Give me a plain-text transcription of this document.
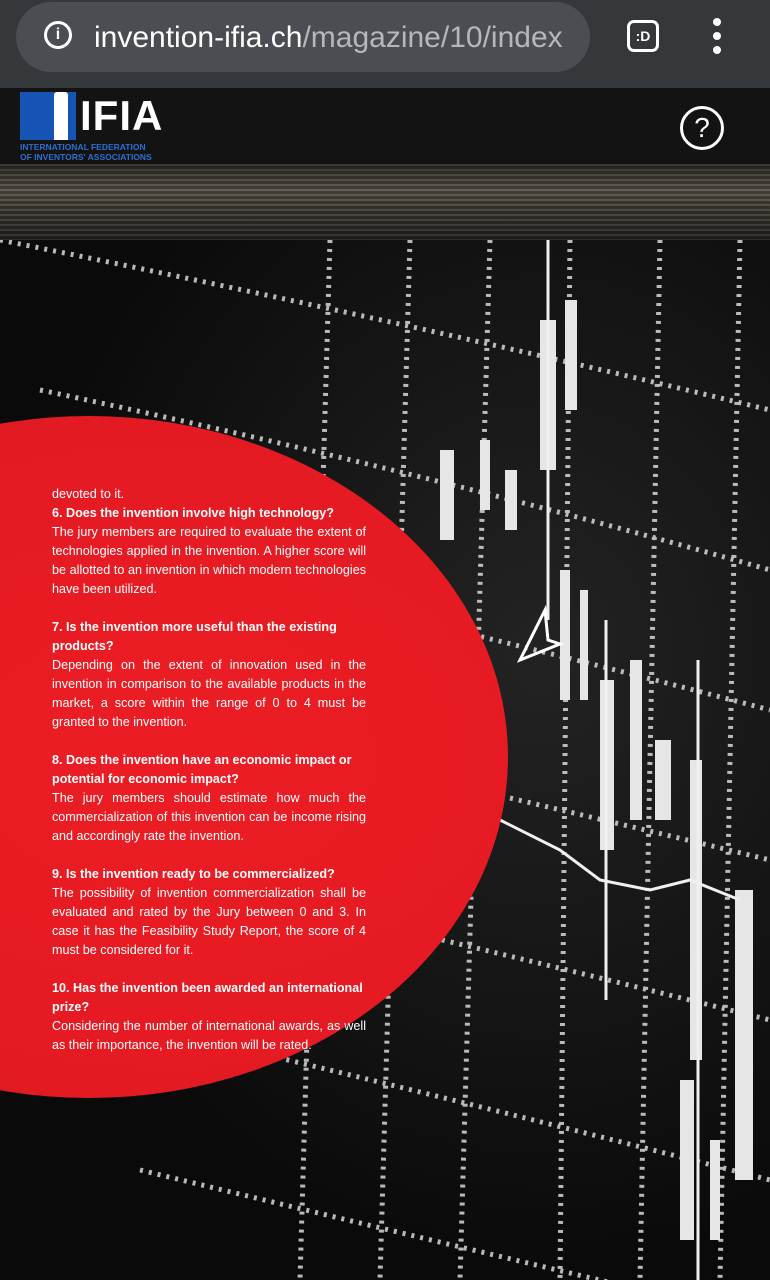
i	invention-ifia.ch/magazine/10/index	:D
IFIA
INTERNATIONAL FEDERATION
OF INVENTORS' ASSOCIATIONS
?

devoted to it.

6. Does the invention involve high technology?

The jury members are required to evaluate the extent of technologies applied in the invention. A higher score will be allotted to an invention in which modern technologies have been utilized.

7. Is the invention more useful than the existing products?

Depending on the extent of innovation used in the invention in comparison to the available products in the market, a score within the range of 0 to 4 must be granted to the invention.

8. Does the invention have an economic impact or potential for economic impact?

The jury members should estimate how much the commercialization of this invention can be income rising and accordingly rate the invention.

9. Is the invention ready to be commercialized?

The possibility of invention commercialization shall be evaluated and rated by the Jury between 0 and 3. In case it has the Feasibility Study Report, the score of 4 must be considered for it.

10. Has the invention been awarded an international prize?

Considering the number of international awards, as well as their importance, the invention will be rated.
